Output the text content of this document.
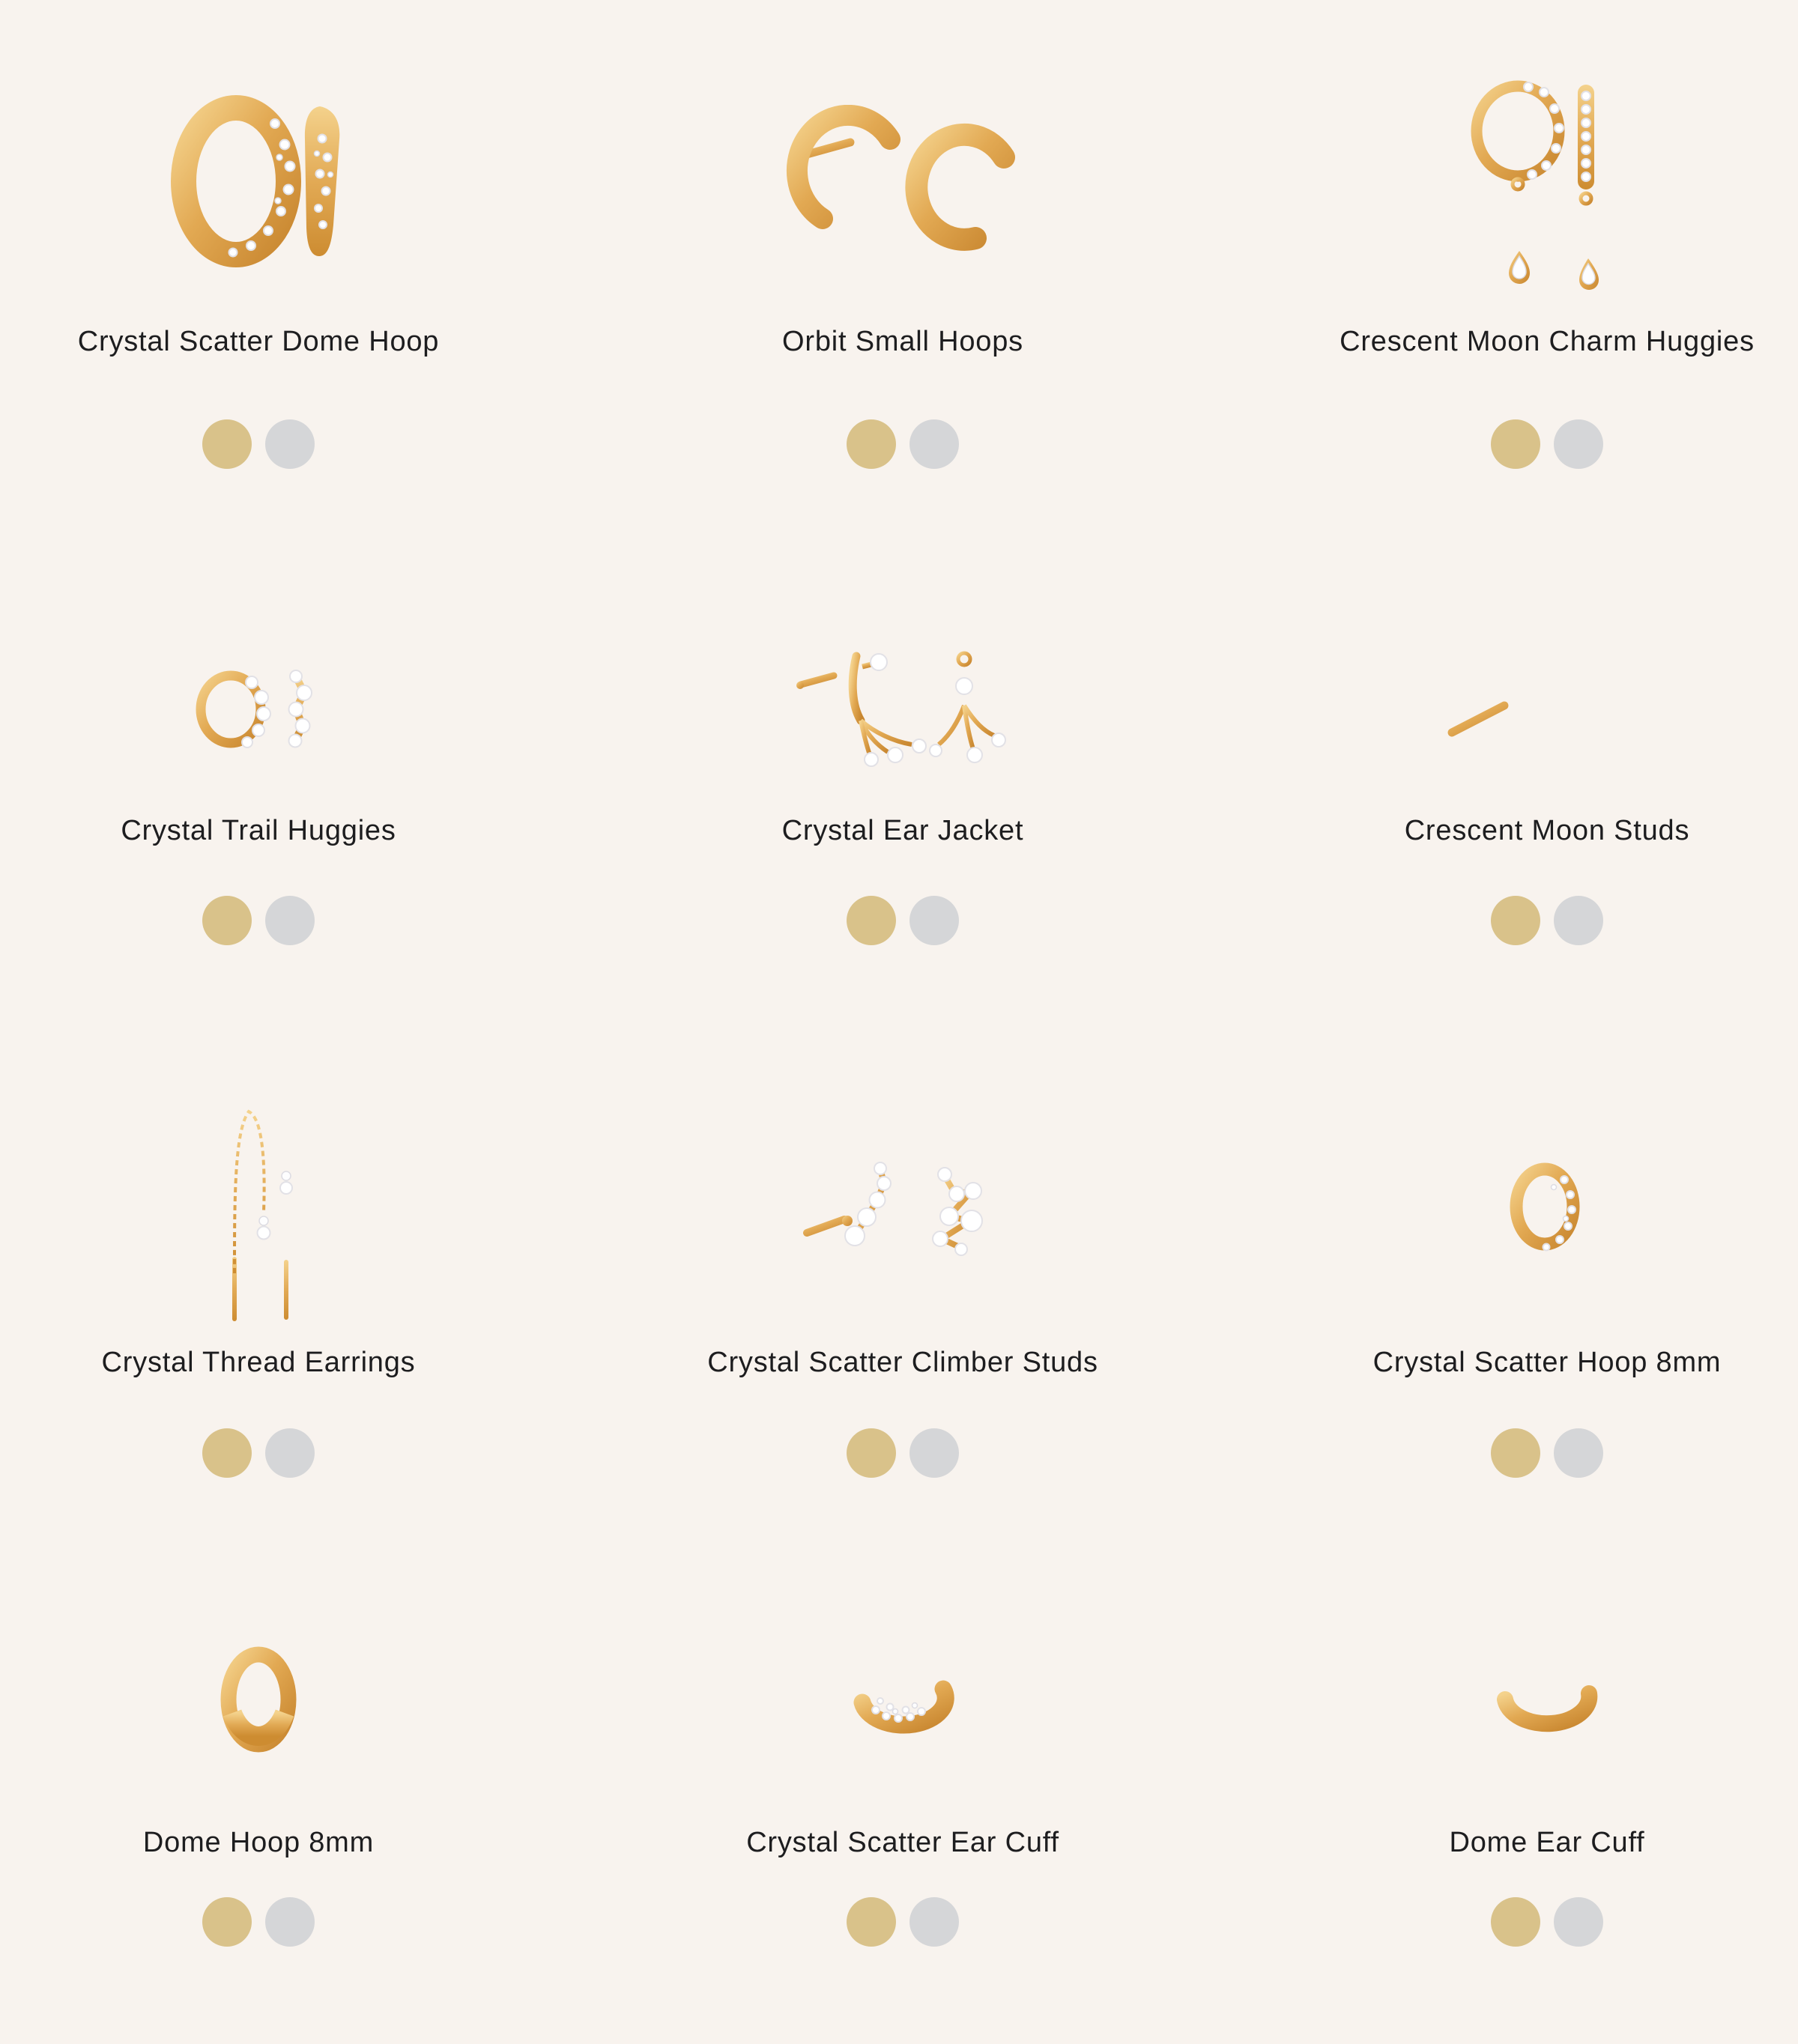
Crystal Scatter Dome Hoop	Orbit Small Hoops	Crescent Moon Charm Huggies
Crystal Trail Huggies	Crystal Ear Jacket	Crescent Moon Studs
Crystal Thread Earrings	Crystal Scatter Climber Studs	Crystal Scatter Hoop 8mm
Dome Hoop 8mm	Crystal Scatter Ear Cuff	Dome Ear Cuff
